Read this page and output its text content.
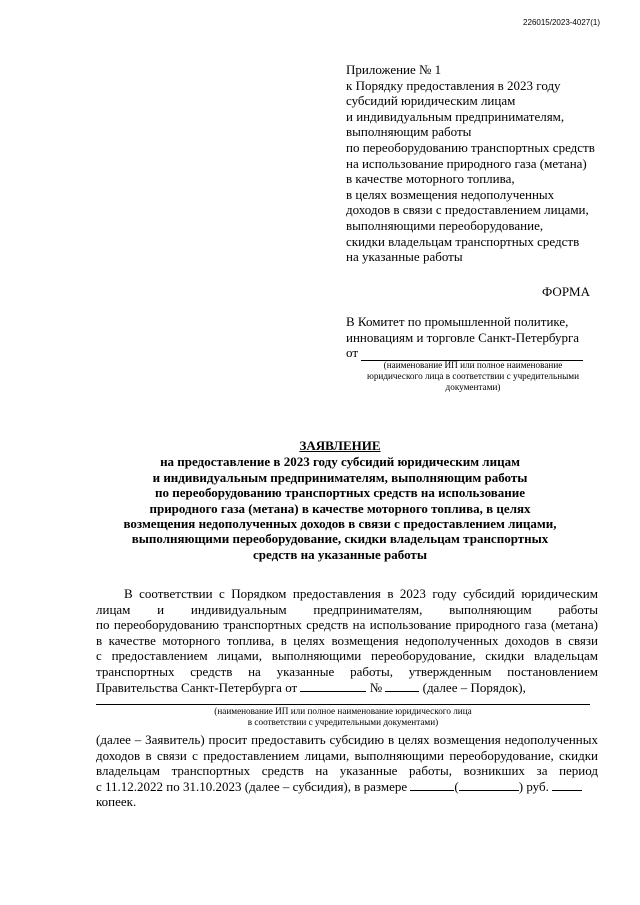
226015/2023-4027(1)
Приложение № 1
к Порядку предоставления в 2023 году
субсидий юридическим лицам
и индивидуальным предпринимателям,
выполняющим работы
по переоборудованию транспортных средств
на использование природного газа (метана)
в качестве моторного топлива,
в целях возмещения недополученных
доходов в связи с предоставлением лицами,
выполняющими переоборудование,
скидки владельцам транспортных средств
на указанные работы
ФОРМА
В Комитет по промышленной политике,
инновациям и торговле Санкт-Петербурга
от
(наименование ИП или полное наименование юридического лица в соответствии с учредительными документами)
ЗАЯВЛЕНИЕ
на предоставление в 2023 году субсидий юридическим лицам
и индивидуальным предпринимателям, выполняющим работы
по переоборудованию транспортных средств на использование
природного газа (метана) в качестве моторного топлива, в целях
возмещения недополученных доходов в связи с предоставлением лицами,
выполняющими переоборудование, скидки владельцам транспортных
средств на указанные работы
В соответствии с Порядком предоставления в 2023 году субсидий юридическим
лицам и индивидуальным предпринимателям, выполняющим работы
по переоборудованию транспортных средств на использование природного газа (метана)
в качестве моторного топлива, в целях возмещения недополученных доходов в связи
с предоставлением лицами, выполняющими переоборудование, скидки владельцам
транспортных средств на указанные работы, утвержденным постановлением
Правительства Санкт-Петербурга от	№	(далее – Порядок),
(наименование ИП или полное наименование юридического лица
в соответствии с учредительными документами)
(далее – Заявитель) просит предоставить субсидию в целях возмещения недополученных
доходов в связи с предоставлением лицами, выполняющими переоборудование, скидки
владельцам транспортных средств на указанные работы, возникших за период
с 11.12.2022 по 31.10.2023 (далее – субсидия), в размере	(	) руб.
копеек.
